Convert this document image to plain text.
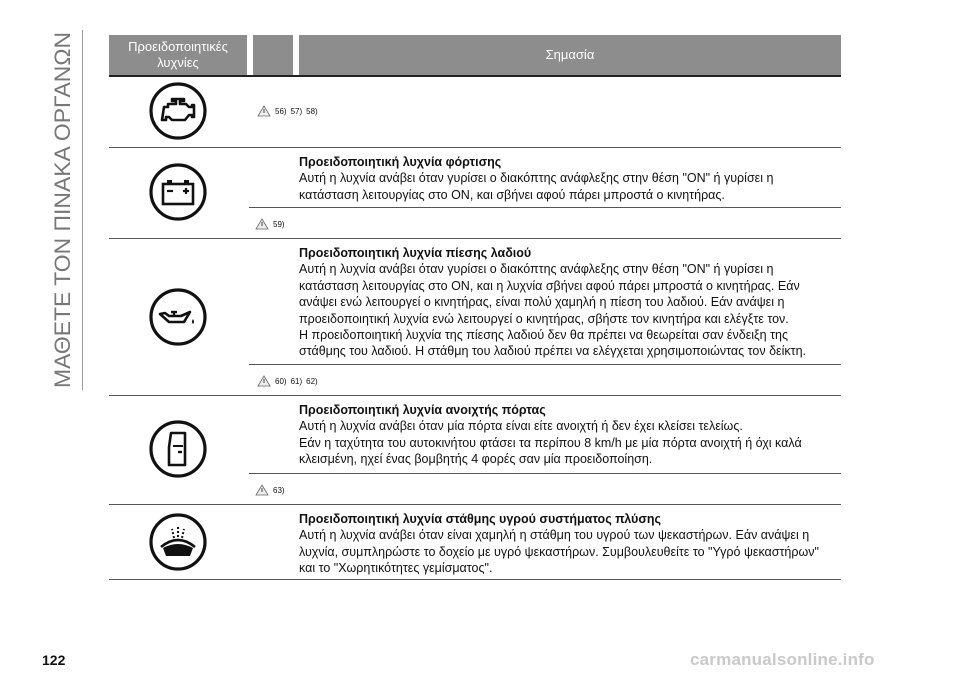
ΜΑΘΕΤΕ ΤΟΝ ΠΙΝΑΚΑ ΟΡΓΑΝΩΝ	Προειδοποιητικές
λυχνίες
Σημασία
56) 57) 58)
Προειδοποιητική λυχνία φόρτισης
Αυτή η λυχνία ανάβει όταν γυρίσει ο διακόπτης ανάφλεξης στην θέση "ON" ή γυρίσει η
κατάσταση λειτουργίας στο ON, και σβήνει αφού πάρει μπροστά ο κινητήρας.
59)
Προειδοποιητική λυχνία πίεσης λαδιού
Αυτή η λυχνία ανάβει όταν γυρίσει ο διακόπτης ανάφλεξης στην θέση "ON" ή γυρίσει η
κατάσταση λειτουργίας στο ON, και η λυχνία σβήνει αφού πάρει μπροστά ο κινητήρας. Εάν
ανάψει ενώ λειτουργεί ο κινητήρας, είναι πολύ χαμηλή η πίεση του λαδιού. Εάν ανάψει η
προειδοποιητική λυχνία ενώ λειτουργεί ο κινητήρας, σβήστε τον κινητήρα και ελέγξτε τον.
Η προειδοποιητική λυχνία της πίεσης λαδιού δεν θα πρέπει να θεωρείται σαν ένδειξη της
στάθμης του λαδιού. Η στάθμη του λαδιού πρέπει να ελέγχεται χρησιμοποιώντας τον δείκτη.
60) 61) 62)
Προειδοποιητική λυχνία ανοιχτής πόρτας
Αυτή η λυχνία ανάβει όταν μία πόρτα είναι είτε ανοιχτή ή δεν έχει κλείσει τελείως.
Εάν η ταχύτητα του αυτοκινήτου φτάσει τα περίπου 8 km/h με μία πόρτα ανοιχτή ή όχι καλά
κλεισμένη, ηχεί ένας βομβητής 4 φορές σαν μία προειδοποίηση.
63)
Προειδοποιητική λυχνία στάθμης υγρού συστήματος πλύσης
Αυτή η λυχνία ανάβει όταν είναι χαμηλή η στάθμη του υγρού των ψεκαστήρων. Εάν ανάψει η
λυχνία, συμπληρώστε το δοχείο με υγρό ψεκαστήρων. Συμβουλευθείτε το "Υγρό ψεκαστήρων"
και το "Χωρητικότητες γεμίσματος".
122	carmanualsonline.info
